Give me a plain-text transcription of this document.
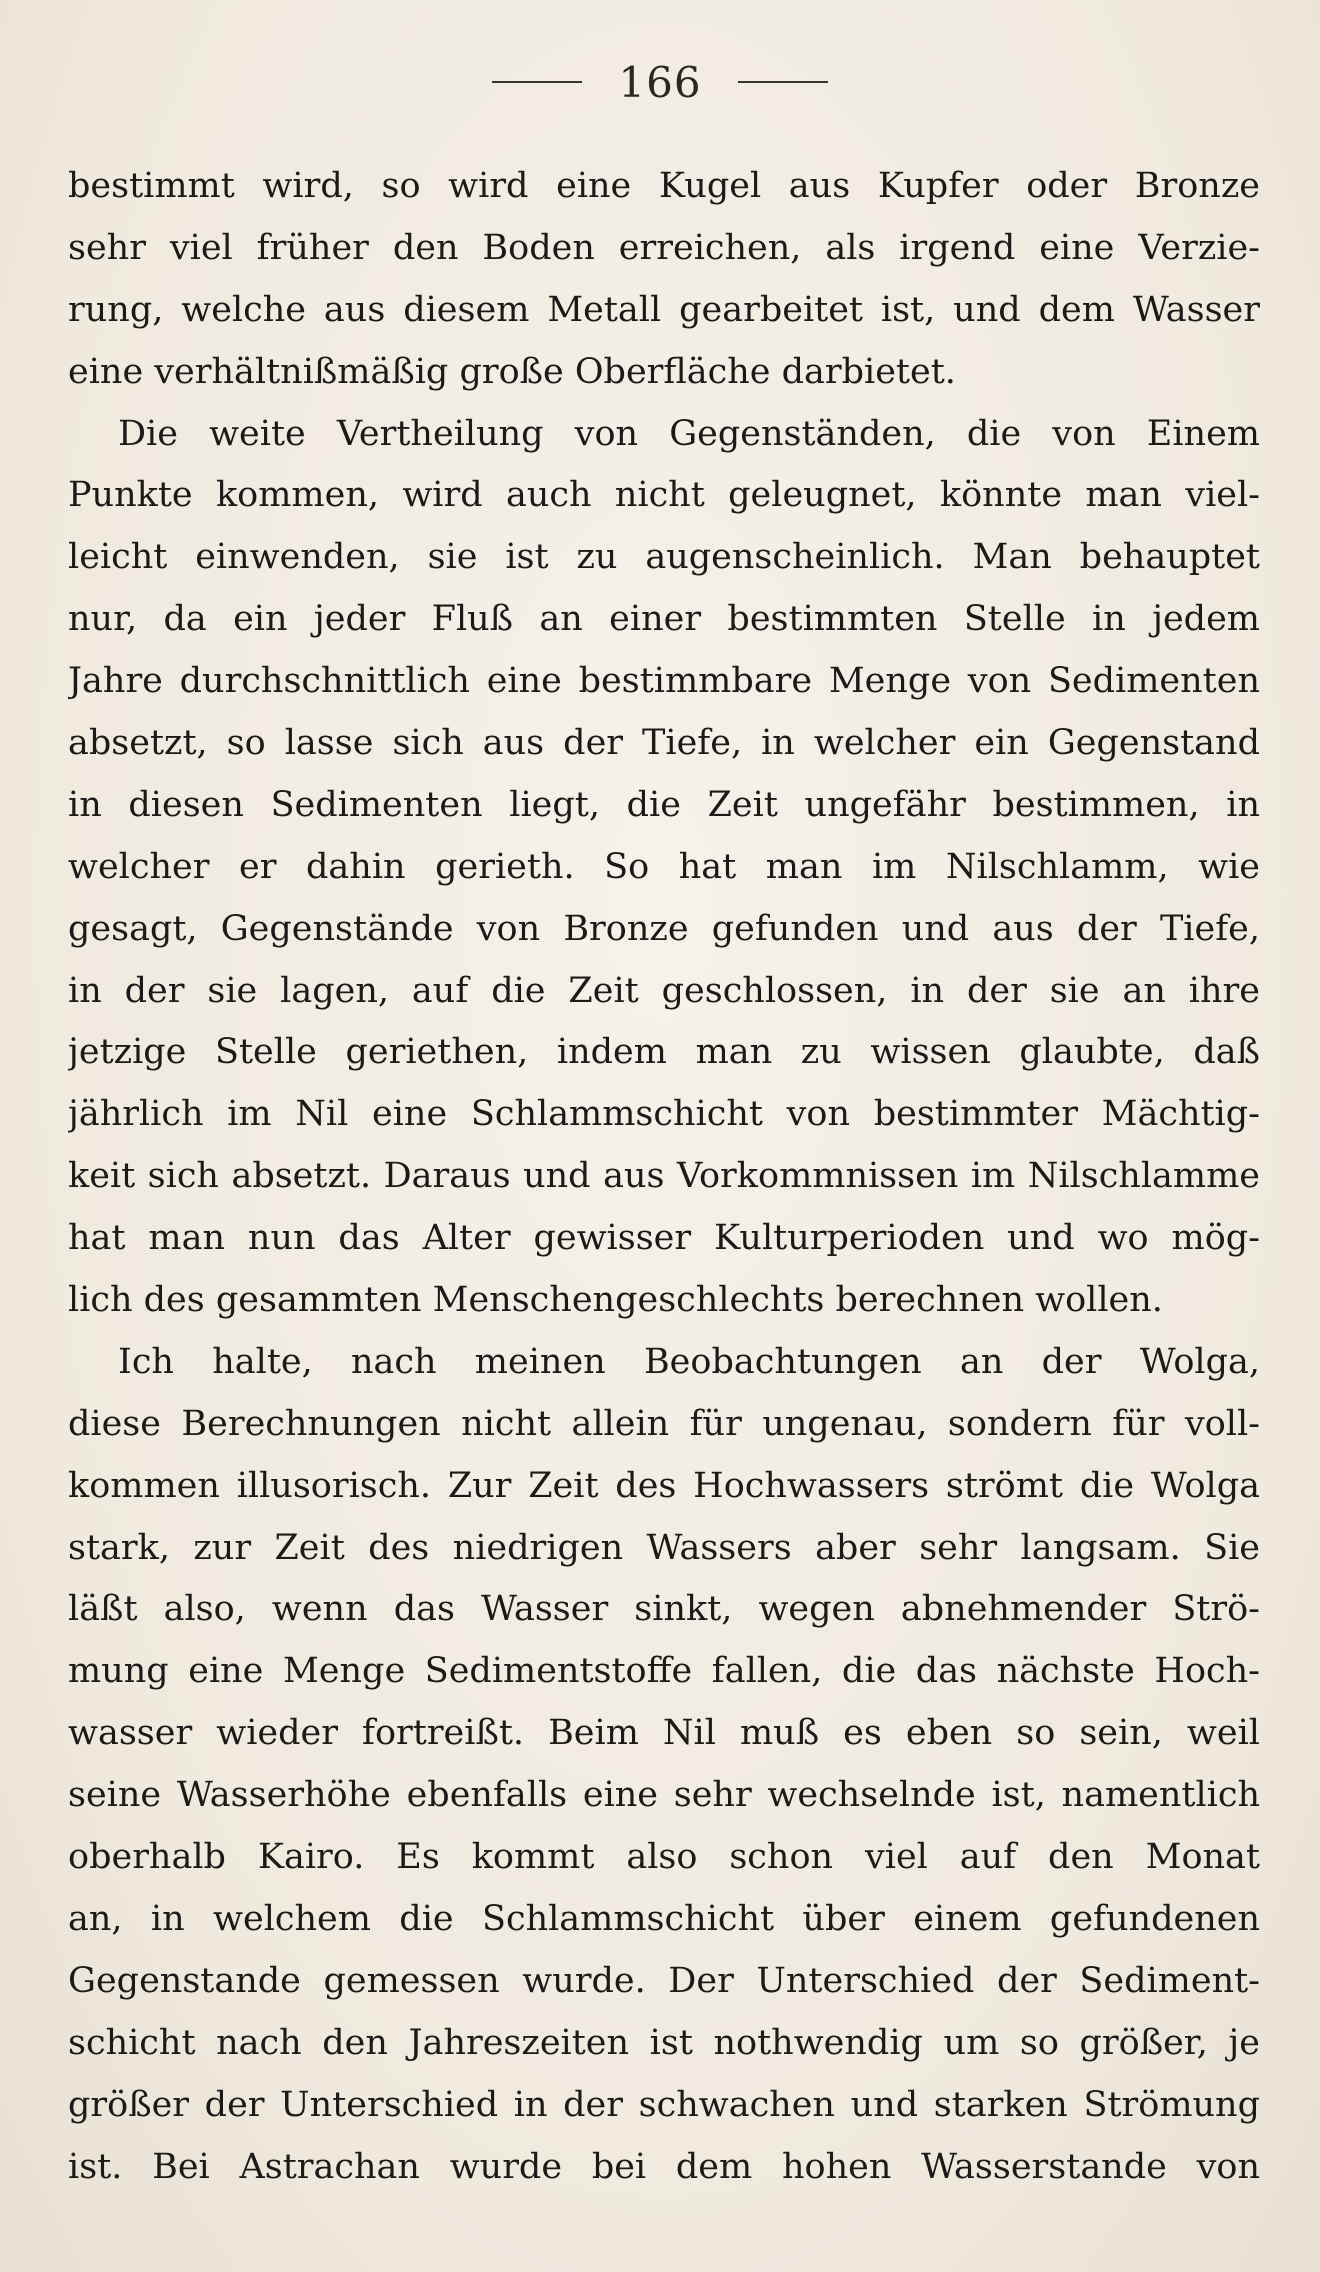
166
bestimmt wird, so wird eine Kugel aus Kupfer oder Bronze
sehr viel früher den Boden erreichen, als irgend eine Verzie-
rung, welche aus diesem Metall gearbeitet ist, und dem Wasser
eine verhältnißmäßig große Oberfläche darbietet.
Die weite Vertheilung von Gegenständen, die von Einem
Punkte kommen, wird auch nicht geleugnet, könnte man viel-
leicht einwenden, sie ist zu augenscheinlich. Man behauptet
nur, da ein jeder Fluß an einer bestimmten Stelle in jedem
Jahre durchschnittlich eine bestimmbare Menge von Sedimenten
absetzt, so lasse sich aus der Tiefe, in welcher ein Gegenstand
in diesen Sedimenten liegt, die Zeit ungefähr bestimmen, in
welcher er dahin gerieth. So hat man im Nilschlamm, wie
gesagt, Gegenstände von Bronze gefunden und aus der Tiefe,
in der sie lagen, auf die Zeit geschlossen, in der sie an ihre
jetzige Stelle geriethen, indem man zu wissen glaubte, daß
jährlich im Nil eine Schlammschicht von bestimmter Mächtig-
keit sich absetzt. Daraus und aus Vorkommnissen im Nilschlamme
hat man nun das Alter gewisser Kulturperioden und wo mög-
lich des gesammten Menschengeschlechts berechnen wollen.
Ich halte, nach meinen Beobachtungen an der Wolga,
diese Berechnungen nicht allein für ungenau, sondern für voll-
kommen illusorisch. Zur Zeit des Hochwassers strömt die Wolga
stark, zur Zeit des niedrigen Wassers aber sehr langsam. Sie
läßt also, wenn das Wasser sinkt, wegen abnehmender Strö-
mung eine Menge Sedimentstoffe fallen, die das nächste Hoch-
wasser wieder fortreißt. Beim Nil muß es eben so sein, weil
seine Wasserhöhe ebenfalls eine sehr wechselnde ist, namentlich
oberhalb Kairo. Es kommt also schon viel auf den Monat
an, in welchem die Schlammschicht über einem gefundenen
Gegenstande gemessen wurde. Der Unterschied der Sediment-
schicht nach den Jahreszeiten ist nothwendig um so größer, je
größer der Unterschied in der schwachen und starken Strömung
ist. Bei Astrachan wurde bei dem hohen Wasserstande von
